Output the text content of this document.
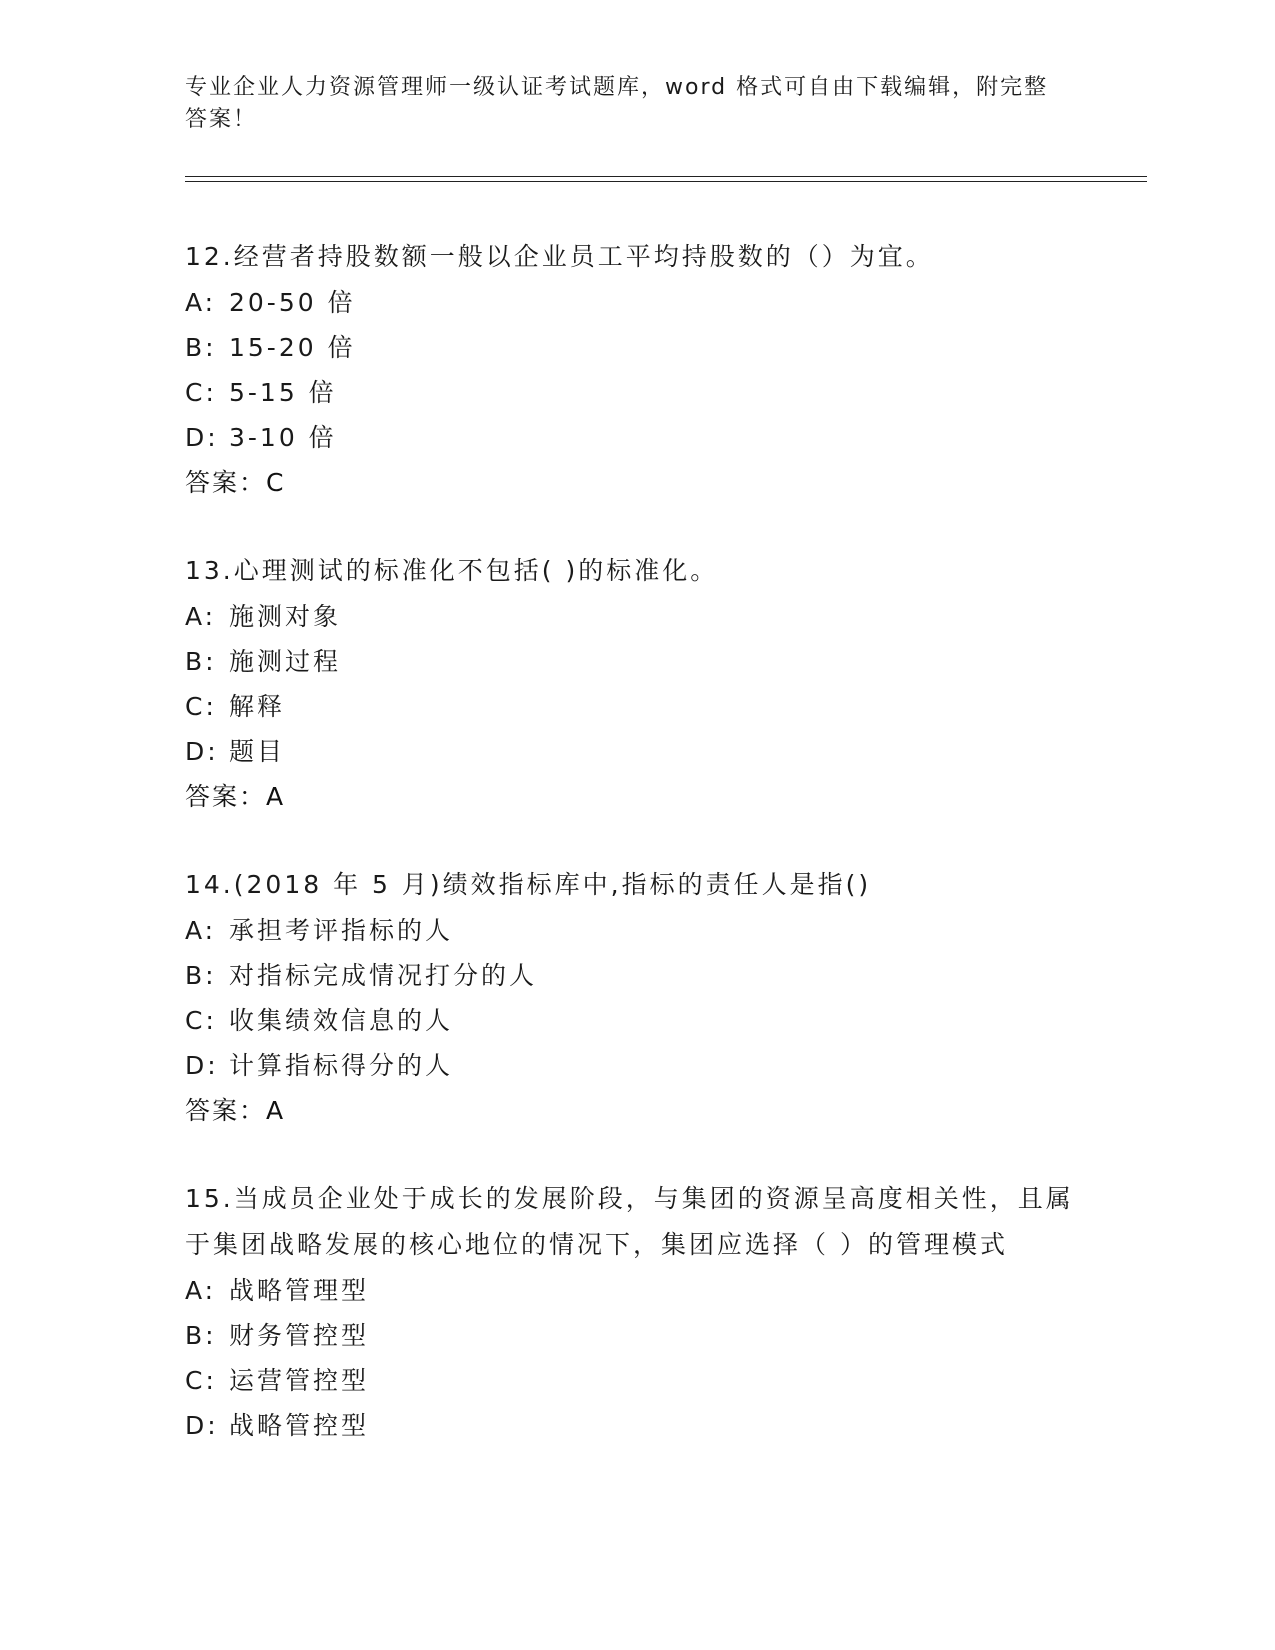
专业企业人力资源管理师一级认证考试题库，word 格式可自由下载编辑，附完整答案！

12.经营者持股数额一般以企业员工平均持股数的（）为宜。

A: 20-50 倍
B: 15-20 倍
C: 5-15 倍
D: 3-10 倍
答案：C

13.心理测试的标准化不包括( )的标准化。

A: 施测对象
B: 施测过程
C: 解释
D: 题目
答案：A

14.(2018 年 5 月)绩效指标库中,指标的责任人是指()

A: 承担考评指标的人
B: 对指标完成情况打分的人
C: 收集绩效信息的人
D: 计算指标得分的人
答案：A

15.当成员企业处于成长的发展阶段，与集团的资源呈高度相关性，且属于集团战略发展的核心地位的情况下，集团应选择（ ）的管理模式

A: 战略管理型
B: 财务管控型
C: 运营管控型
D: 战略管控型
